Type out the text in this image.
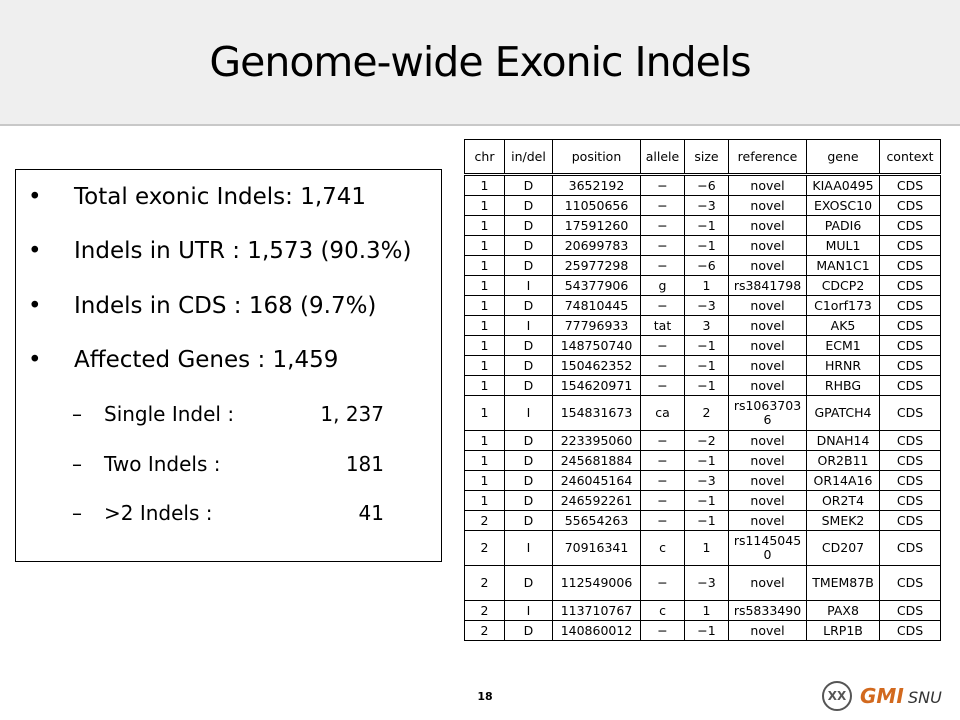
Genome-wide Exonic Indels
• Total exonic Indels: 1,741
• Indels in UTR : 1,573 (90.3%)
• Indels in CDS : 168 (9.7%)
• Affected Genes : 1,459
– Single Indel :	1, 237
– Two Indels :	181
– >2 Indels :	41
chr	in/del	position	allele	size	reference	gene	context
1	D	3652192	−	−6	novel	KIAA0495	CDS
1	D	11050656	−	−3	novel	EXOSC10	CDS
1	D	17591260	−	−1	novel	PADI6	CDS
1	D	20699783	−	−1	novel	MUL1	CDS
1	D	25977298	−	−6	novel	MAN1C1	CDS
1	I	54377906	g	1	rs3841798	CDCP2	CDS
1	D	74810445	−	−3	novel	C1orf173	CDS
1	I	77796933	tat	3	novel	AK5	CDS
1	D	148750740	−	−1	novel	ECM1	CDS
1	D	150462352	−	−1	novel	HRNR	CDS
1	D	154620971	−	−1	novel	RHBG	CDS
1	I	154831673	ca	2	rs10637036	GPATCH4	CDS
1	D	223395060	−	−2	novel	DNAH14	CDS
1	D	245681884	−	−1	novel	OR2B11	CDS
1	D	246045164	−	−3	novel	OR14A16	CDS
1	D	246592261	−	−1	novel	OR2T4	CDS
2	D	55654263	−	−1	novel	SMEK2	CDS
2	I	70916341	c	1	rs11450450	CD207	CDS
2	D	112549006	−	−3	novel	TMEM87B	CDS
2	I	113710767	c	1	rs5833490	PAX8	CDS
2	D	140860012	−	−1	novel	LRP1B	CDS
18	XX GMI SNU
